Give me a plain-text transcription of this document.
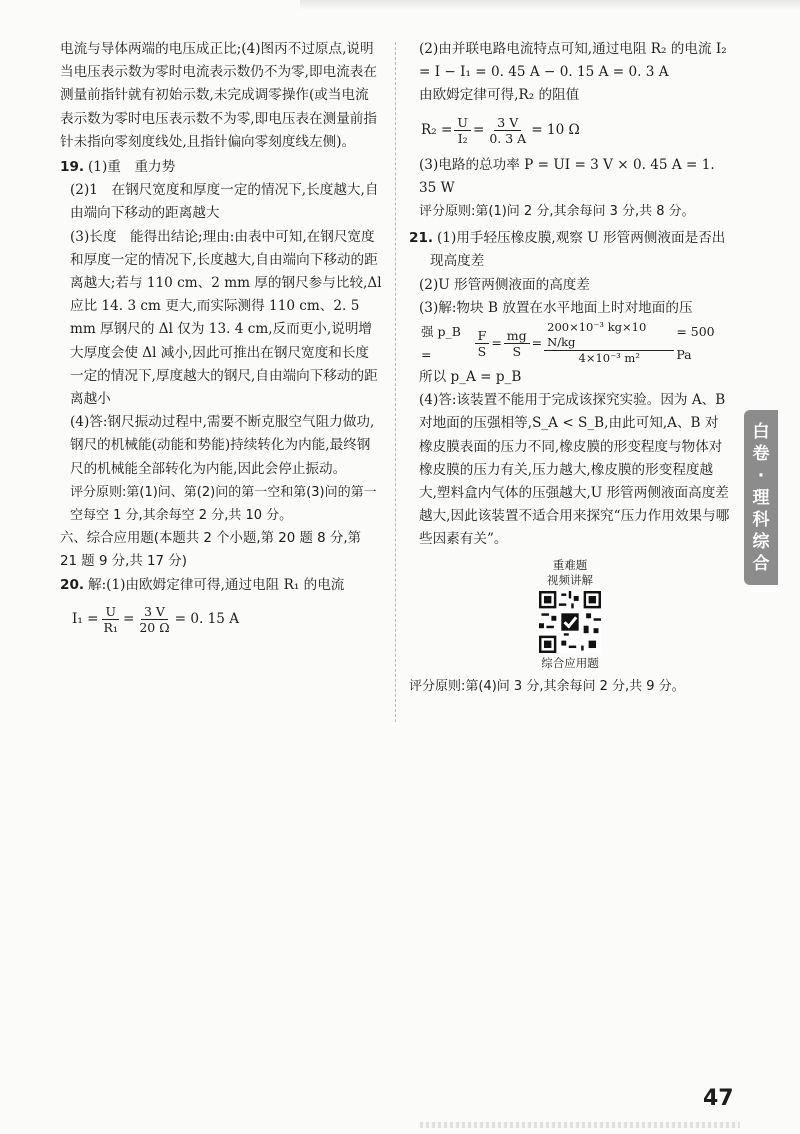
电流与导体两端的电压成正比;(4)图丙不过原点,说明当电压表示数为零时电流表示数仍不为零,即电流表在测量前指针就有初始示数,未完成调零操作(或当电流表示数为零时电压表示数不为零,即电压表在测量前指针未指向零刻度线处,且指针偏向零刻度线左侧)。

19. (1)重　重力势

(2)1　在钢尺宽度和厚度一定的情况下,长度越大,自由端向下移动的距离越大

(3)长度　能得出结论;理由:由表中可知,在钢尺宽度和厚度一定的情况下,长度越大,自由端向下移动的距离越大;若与 110 cm、2 mm 厚的钢尺参与比较,Δl 应比 14. 3 cm 更大,而实际测得 110 cm、2. 5 mm 厚钢尺的 Δl 仅为 13. 4 cm,反而更小,说明增大厚度会使 Δl 减小,因此可推出在钢尺宽度和长度一定的情况下,厚度越大的钢尺,自由端向下移动的距离越小

(4)答:钢尺振动过程中,需要不断克服空气阻力做功,钢尺的机械能(动能和势能)持续转化为内能,最终钢尺的机械能全部转化为内能,因此会停止振动。

评分原则:第(1)问、第(2)问的第一空和第(3)问的第一空每空 1 分,其余每空 2 分,共 10 分。

六、综合应用题(本题共 2 个小题,第 20 题 8 分,第 21 题 9 分,共 17 分)

20. 解:(1)由欧姆定律可得,通过电阻 R₁ 的电流

$I_1 = \frac{U}{\text{R₁}} = \frac{3 V}{20 \Omega} = 0$. 15 A

(2)由并联电路电流特点可知,通过电阻 R₂ 的电流 I₂ = I − I₁ = 0. 45 A − 0. 15 A = 0. 3 A

由欧姆定律可得,R₂ 的阻值

$R_2 = \frac{U}{\text{I₂}} = \frac{3 V}{0. 3 A} = 10$ Ω

(3)电路的总功率 P = UI = 3 V × 0. 45 A = 1. 35 W

评分原则:第(1)问 2 分,其余每问 3 分,共 8 分。

21. (1)用手轻压橡皮膜,观察 U 形管两侧液面是否出现高度差

(2)U 形管两侧液面的高度差

(3)解:物块 B 放置在水平地面上时对地面的压

强 p_B =	$\frac{F}{S} = \frac{mg}{S} = \frac{\text{200×10⁻³ kg×10 N/kg}}{\text{4×10⁻³ m²}} = 500$ Pa

所以 p_A = p_B

(4)答:该装置不能用于完成该探究实验。因为 A、B 对地面的压强相等,S_A < S_B,由此可知,A、B 对橡皮膜表面的压力不同,橡皮膜的形变程度与物体对橡皮膜的压力有关,压力越大,橡皮膜的形变程度越大,塑料盒内气体的压强越大,U 形管两侧液面高度差越大,因此该装置不适合用来探究“压力作用效果与哪些因素有关”。

重难题
视频讲解
综合应用题

评分原则:第(4)问 3 分,其余每问 2 分,共 9 分。

白
卷
·
理
科
综
合
47
